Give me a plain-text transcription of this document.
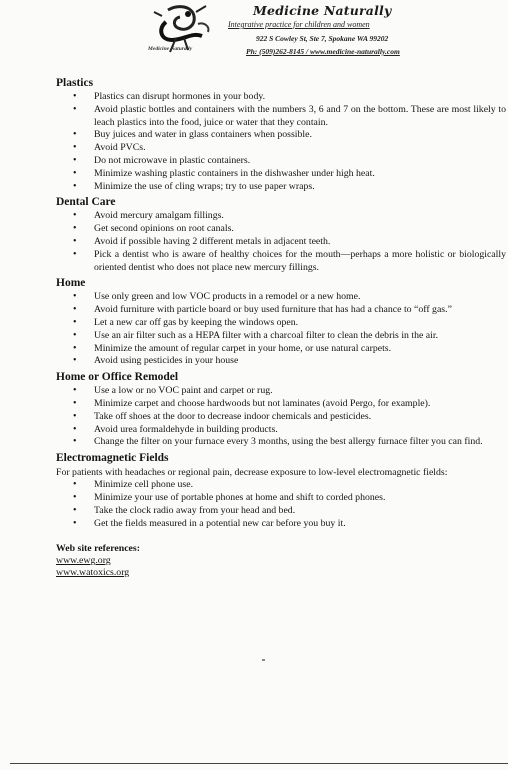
Medicine Naturally
Medicine Naturally
Integrative practice for children and women
922 S Cowley St, Ste 7, Spokane WA 99202
Ph: (509)262-8145 / www.medicine-naturally.com
Plastics
• Plastics can disrupt hormones in your body.
• Avoid plastic bottles and containers with the numbers 3, 6 and 7 on the bottom. These are most likely to leach plastics into the food, juice or water that they contain.
• Buy juices and water in glass containers when possible.
• Avoid PVCs.
• Do not microwave in plastic containers.
• Minimize washing plastic containers in the dishwasher under high heat.
• Minimize the use of cling wraps; try to use paper wraps.
Dental Care
• Avoid mercury amalgam fillings.
• Get second opinions on root canals.
• Avoid if possible having 2 different metals in adjacent teeth.
• Pick a dentist who is aware of healthy choices for the mouth—perhaps a more holistic or biologically oriented dentist who does not place new mercury fillings.
Home
• Use only green and low VOC products in a remodel or a new home.
• Avoid furniture with particle board or buy used furniture that has had a chance to “off gas.”
• Let a new car off gas by keeping the windows open.
• Use an air filter such as a HEPA filter with a charcoal filter to clean the debris in the air.
• Minimize the amount of regular carpet in your home, or use natural carpets.
• Avoid using pesticides in your house
Home or Office Remodel
• Use a low or no VOC paint and carpet or rug.
• Minimize carpet and choose hardwoods but not laminates (avoid Pergo, for example).
• Take off shoes at the door to decrease indoor chemicals and pesticides.
• Avoid urea formaldehyde in building products.
• Change the filter on your furnace every 3 months, using the best allergy furnace filter you can find.
Electromagnetic Fields

For patients with headaches or regional pain, decrease exposure to low-level electromagnetic fields:

• Minimize cell phone use.
• Minimize your use of portable phones at home and shift to corded phones.
• Take the clock radio away from your head and bed.
• Get the fields measured in a potential new car before you buy it.
Web site references:
www.ewg.org
www.watoxics.org
